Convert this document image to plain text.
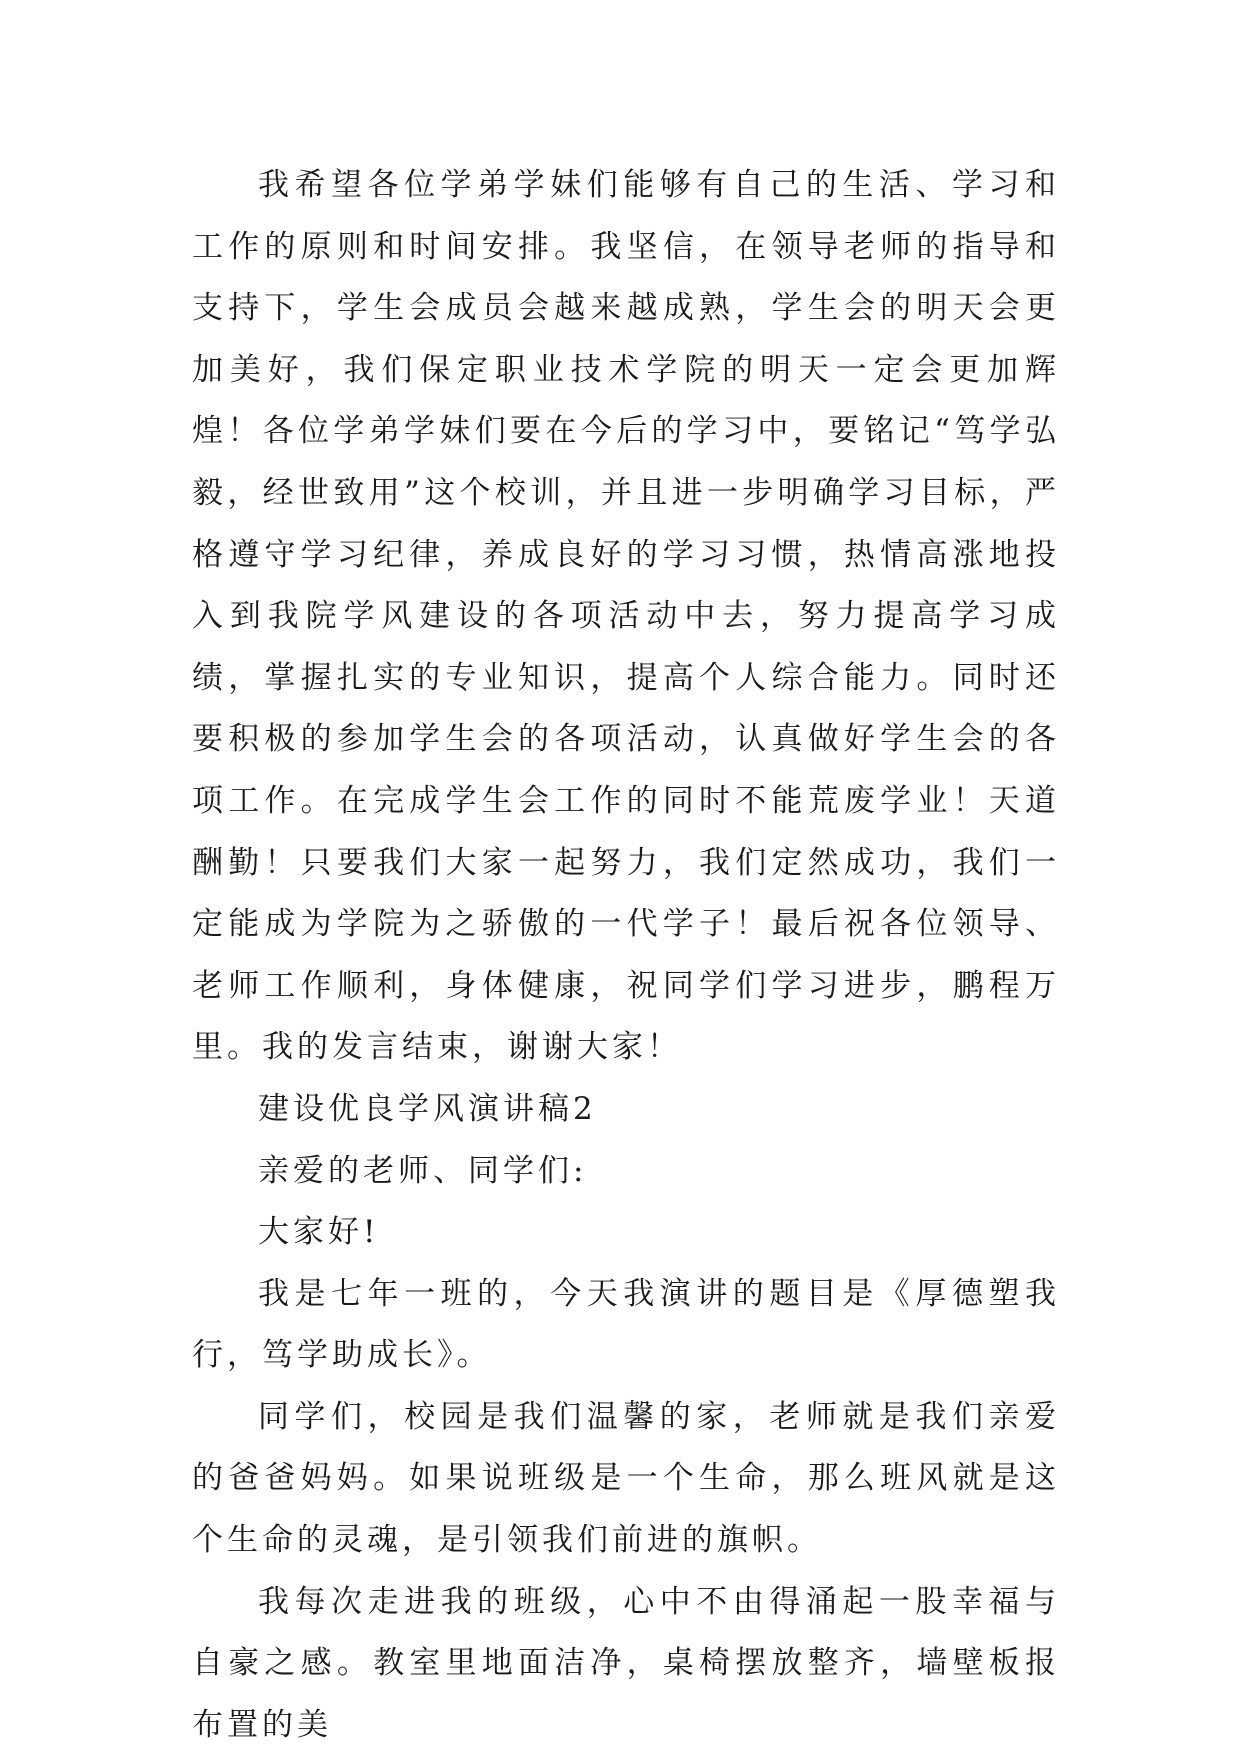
我希望各位学弟学妹们能够有自己的生活、学习和工作的原则和时间安排。我坚信，在领导老师的指导和支持下，学生会成员会越来越成熟，学生会的明天会更加美好，我们保定职业技术学院的明天一定会更加辉煌！各位学弟学妹们要在今后的学习中，要铭记“笃学弘毅，经世致用”这个校训，并且进一步明确学习目标，严格遵守学习纪律，养成良好的学习习惯，热情高涨地投入到我院学风建设的各项活动中去，努力提高学习成绩，掌握扎实的专业知识，提高个人综合能力。同时还要积极的参加学生会的各项活动，认真做好学生会的各项工作。在完成学生会工作的同时不能荒废学业！天道酬勤！只要我们大家一起努力，我们定然成功，我们一定能成为学院为之骄傲的一代学子！最后祝各位领导、老师工作顺利，身体健康，祝同学们学习进步，鹏程万里。我的发言结束，谢谢大家！

建设优良学风演讲稿2

亲爱的老师、同学们:

大家好!

我是七年一班的，今天我演讲的题目是《厚德塑我行，笃学助成长》。

同学们，校园是我们温馨的家，老师就是我们亲爱的爸爸妈妈。如果说班级是一个生命，那么班风就是这个生命的灵魂，是引领我们前进的旗帜。

我每次走进我的班级，心中不由得涌起一股幸福与自豪之感。教室里地面洁净，桌椅摆放整齐，墙壁板报布置的美
